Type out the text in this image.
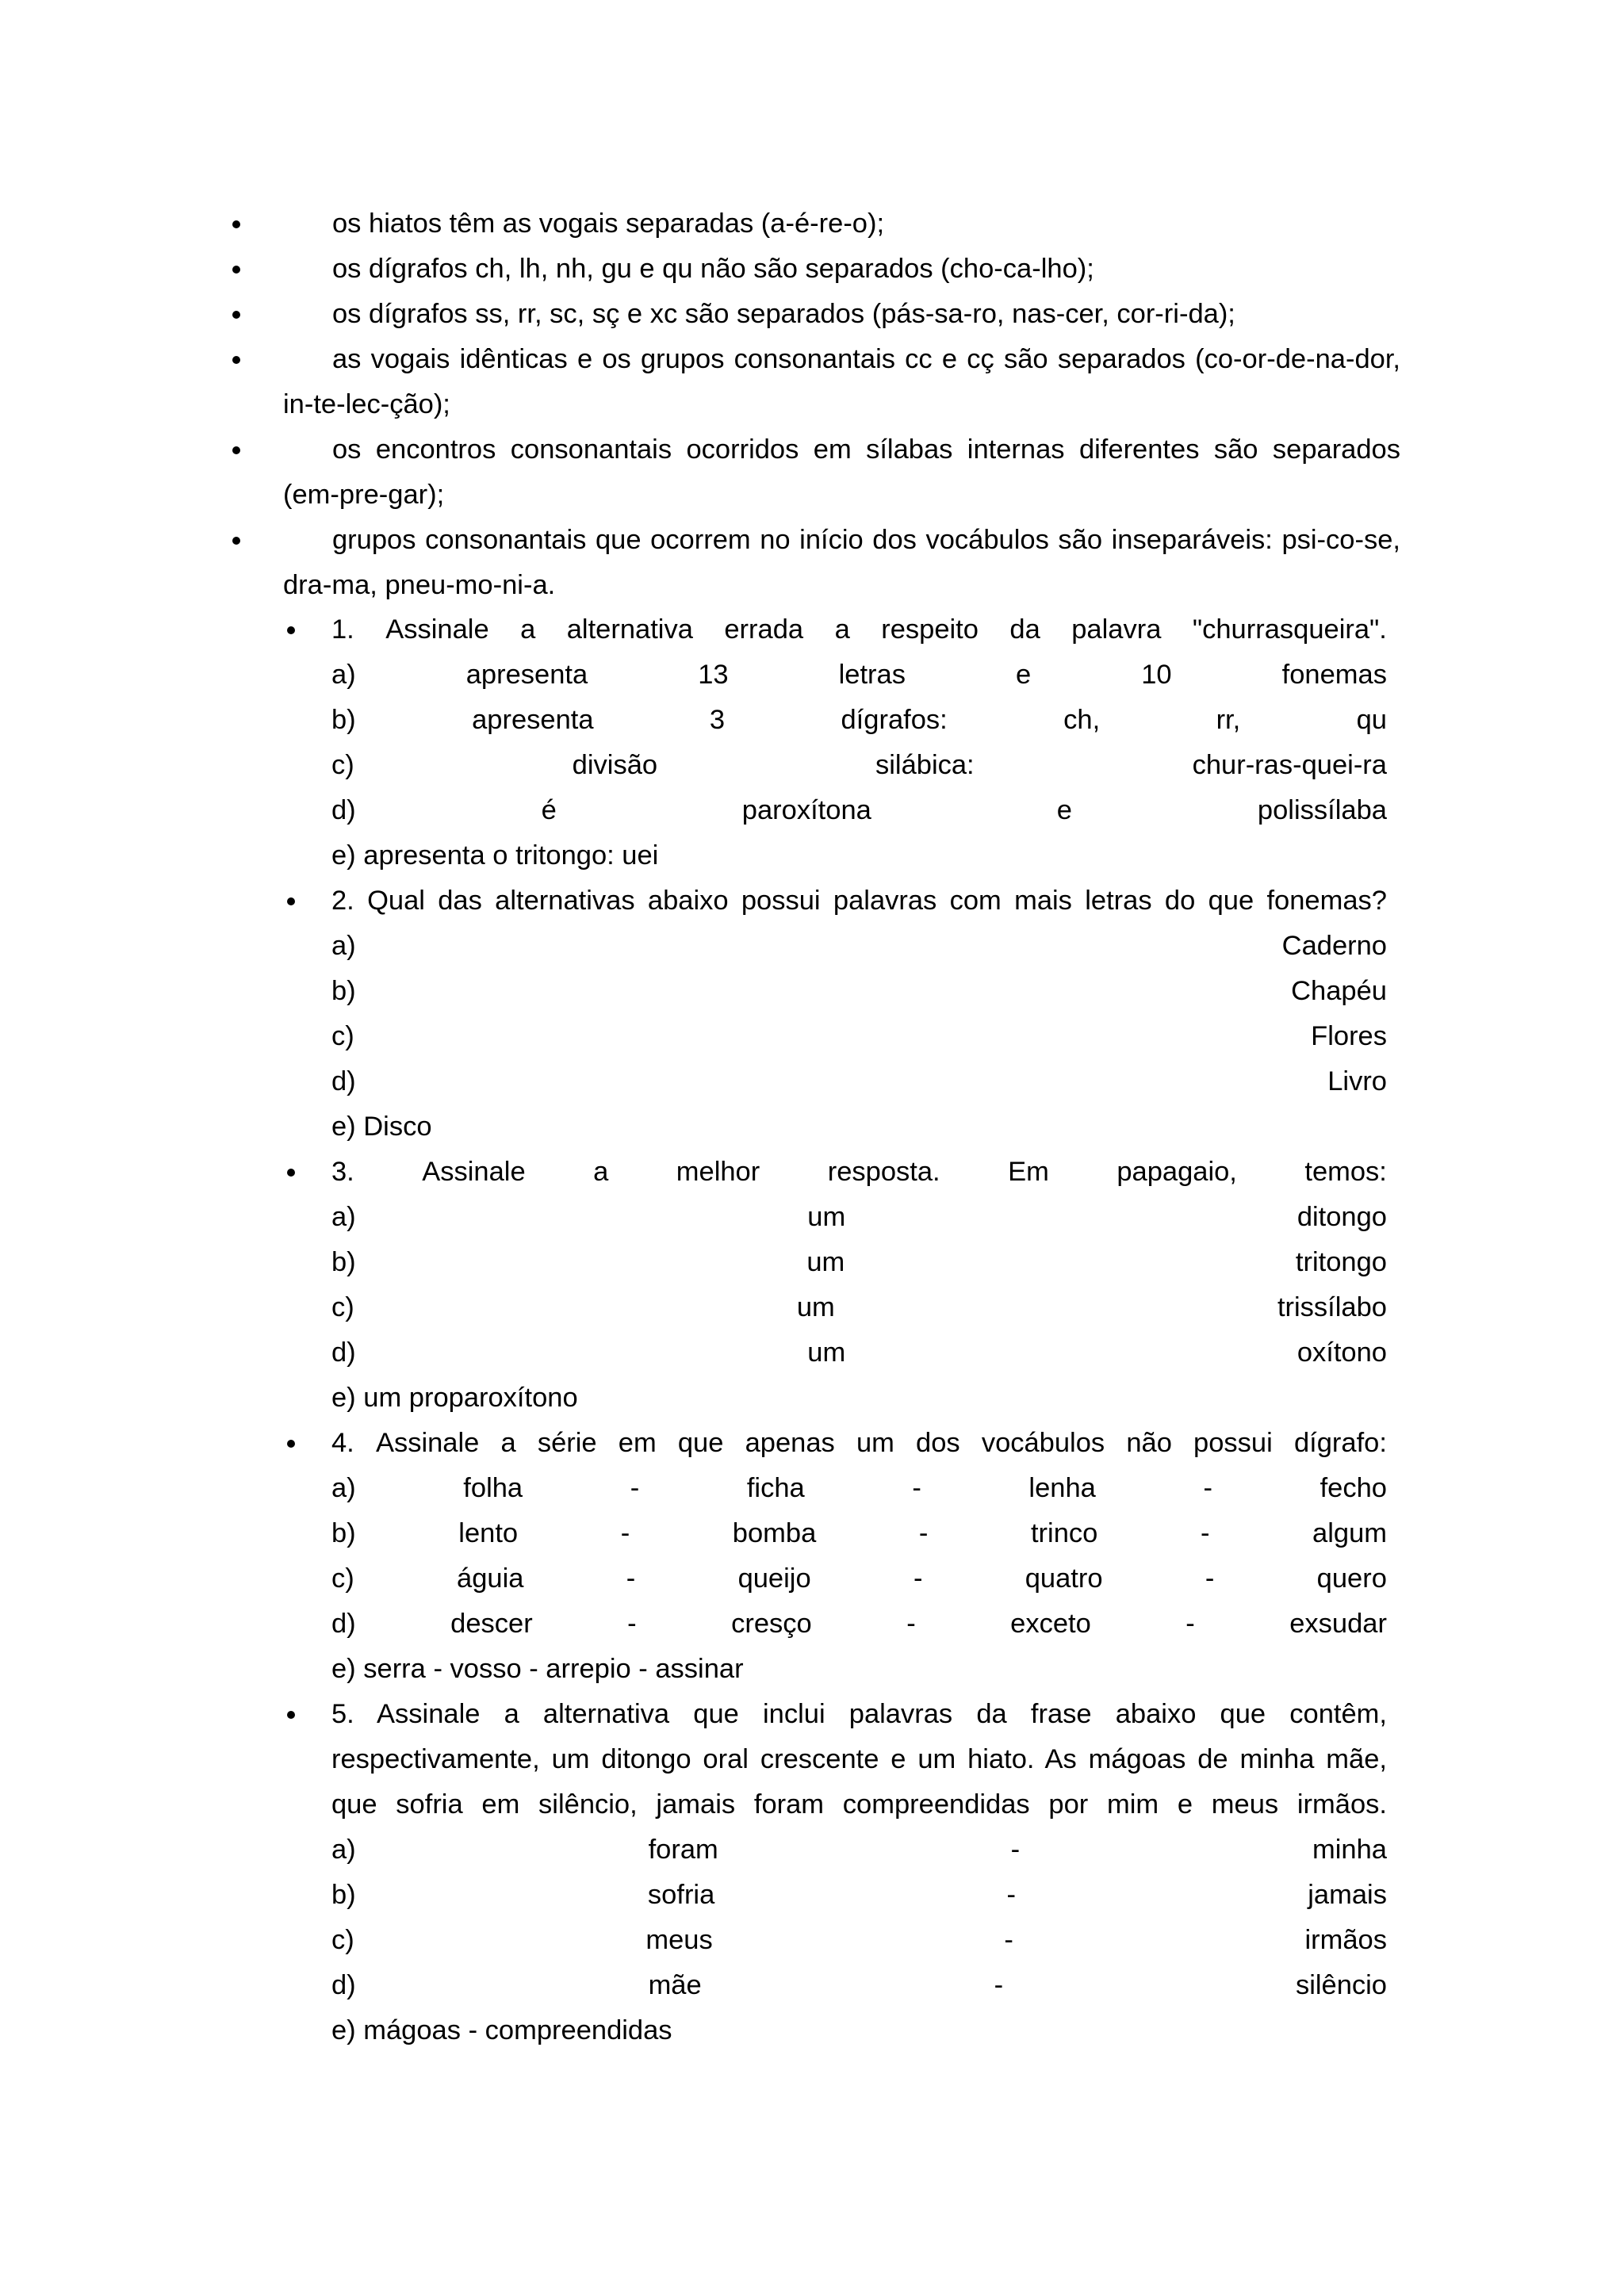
os hiatos têm as vogais separadas (a-é-re-o);
os dígrafos ch, lh, nh, gu e qu não são separados (cho-ca-lho);
os dígrafos ss, rr, sc, sç e xc são separados (pás-sa-ro, nas-cer, cor-ri-da);
as vogais idênticas e os grupos consonantais cc e cç são separados (co-or-de-na-dor, in-te-lec-ção);
os encontros consonantais ocorridos em sílabas internas diferentes são separados (em-pre-gar);
grupos consonantais que ocorrem no início dos vocábulos são inseparáveis: psi-co-se, dra-ma, pneu-mo-ni-a.
1. Assinale a alternativa errada a respeito da palavra "churrasqueira".
a)	apresenta	13	letras	e	10	fonemas
b)	apresenta	3	dígrafos:	ch,	rr,	qu
c)	divisão	silábica:	chur-ras-quei-ra
d)	é	paroxítona	e	polissílaba
e) apresenta o tritongo: uei
2. Qual das alternativas abaixo possui palavras com mais letras do que fonemas?
a)	Caderno
b)	Chapéu
c)	Flores
d)	Livro
e) Disco
3. Assinale a melhor resposta. Em papagaio, temos:
a)	um	ditongo
b)	um	tritongo
c)	um	trissílabo
d)	um	oxítono
e) um proparoxítono
4. Assinale a série em que apenas um dos vocábulos não possui dígrafo:
a)	folha	-	ficha	-	lenha	-	fecho
b)	lento	-	bomba	-	trinco	-	algum
c)	águia	-	queijo	-	quatro	-	quero
d)	descer	-	cresço	-	exceto	-	exsudar
e) serra - vosso - arrepio - assinar
5. Assinale a alternativa que inclui palavras da frase abaixo que contêm, respectivamente, um ditongo oral crescente e um hiato. As mágoas de minha mãe, que sofria em silêncio, jamais foram compreendidas por mim e meus irmãos.
a)	foram	-	minha
b)	sofria	-	jamais
c)	meus	-	irmãos
d)	mãe	-	silêncio
e) mágoas - compreendidas
